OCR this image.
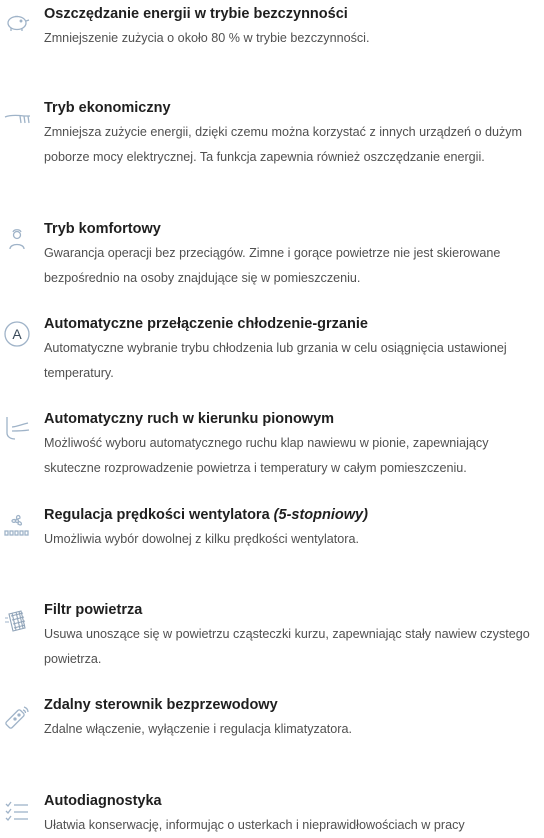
Oszczędzanie energii w trybie bezczynności
Zmniejszenie zużycia o około 80 % w trybie bezczynności.
Tryb ekonomiczny
Zmniejsza zużycie energii, dzięki czemu można korzystać z innych urządzeń o dużym poborze mocy elektrycznej. Ta funkcja zapewnia również oszczędzanie energii.
Tryb komfortowy
Gwarancja operacji bez przeciągów. Zimne i gorące powietrze nie jest skierowane bezpośrednio na osoby znajdujące się w pomieszczeniu.
A
Automatyczne przełączenie chłodzenie-grzanie
Automatyczne wybranie trybu chłodzenia lub grzania w celu osiągnięcia ustawionej temperatury.
Automatyczny ruch w kierunku pionowym
Możliwość wyboru automatycznego ruchu klap nawiewu w pionie, zapewniający skuteczne rozprowadzenie powietrza i temperatury w całym pomieszczeniu.
Regulacja prędkości wentylatora (5-stopniowy)
Umożliwia wybór dowolnej z kilku prędkości wentylatora.
Filtr powietrza
Usuwa unoszące się w powietrzu cząsteczki kurzu, zapewniając stały nawiew czystego powietrza.
Zdalny sterownik bezprzewodowy
Zdalne włączenie, wyłączenie i regulacja klimatyzatora.
Autodiagnostyka
Ułatwia konserwację, informując o usterkach i nieprawidłowościach w pracy
